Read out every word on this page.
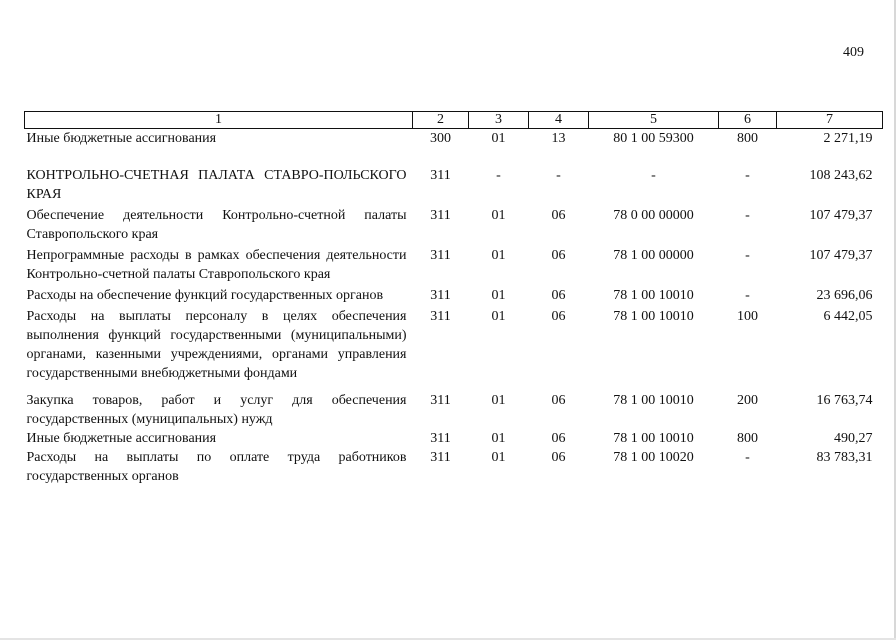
409
1	2	3	4	5	6	7
Иные бюджетные ассигнования	300	01	13	80 1 00 59300	800	2 271,19
КОНТРОЛЬНО-СЧЕТНАЯ ПАЛАТА СТАВРО-ПОЛЬСКОГО КРАЯ	311	-	-	-	-	108 243,62
Обеспечение деятельности Контрольно-счетной палаты Ставропольского края	311	01	06	78 0 00 00000	-	107 479,37
Непрограммные расходы в рамках обеспечения деятельности Контрольно-счетной палаты Ставропольского края	311	01	06	78 1 00 00000	-	107 479,37
Расходы на обеспечение функций государственных органов	311	01	06	78 1 00 10010	-	23 696,06
Расходы на выплаты персоналу в целях обеспечения выполнения функций государственными (муниципальными) органами, казенными учреждениями, органами управления государственными внебюджетными фондами	311	01	06	78 1 00 10010	100	6 442,05
Закупка товаров, работ и услуг для обеспечения государственных (муниципальных) нужд	311	01	06	78 1 00 10010	200	16 763,74
Иные бюджетные ассигнования	311	01	06	78 1 00 10010	800	490,27
Расходы на выплаты по оплате труда работников государственных органов	311	01	06	78 1 00 10020	-	83 783,31
